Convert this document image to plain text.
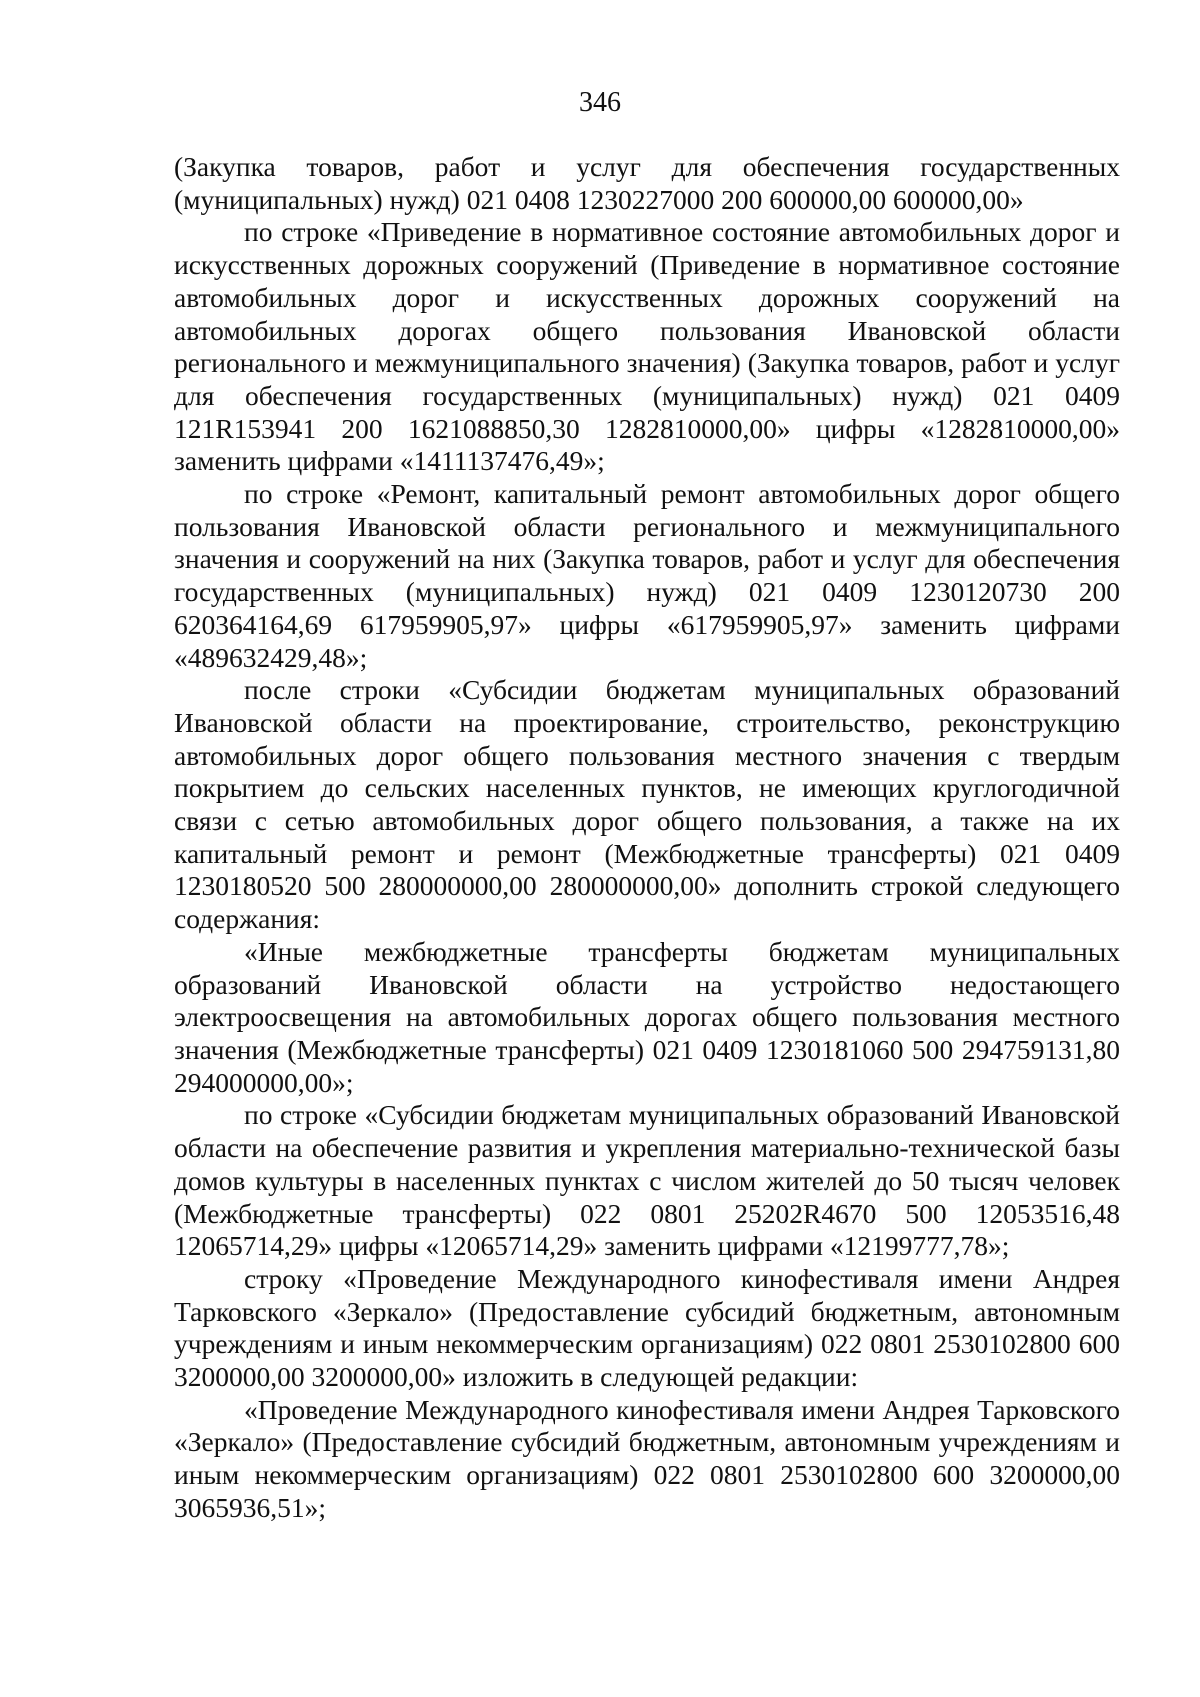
346

(Закупка товаров, работ и услуг для обеспечения государственных (муниципальных) нужд) 021 0408 1230227000 200 600000,00 600000,00»

по строке «Приведение в нормативное состояние автомобильных дорог и искусственных дорожных сооружений (Приведение в нормативное состояние автомобильных дорог и искусственных дорожных сооружений на автомобильных дорогах общего пользования Ивановской области регионального и межмуниципального значения) (Закупка товаров, работ и услуг для обеспечения государственных (муниципальных) нужд) 021 0409 121R153941 200 1621088850,30 1282810000,00» цифры «1282810000,00» заменить цифрами «1411137476,49»;

по строке «Ремонт, капитальный ремонт автомобильных дорог общего пользования Ивановской области регионального и межмуниципального значения и сооружений на них (Закупка товаров, работ и услуг для обеспечения государственных (муниципальных) нужд) 021 0409 1230120730 200 620364164,69 617959905,97» цифры «617959905,97» заменить цифрами «489632429,48»;

после строки «Субсидии бюджетам муниципальных образований Ивановской области на проектирование, строительство, реконструкцию автомобильных дорог общего пользования местного значения с твердым покрытием до сельских населенных пунктов, не имеющих круглогодичной связи с сетью автомобильных дорог общего пользования, а также на их капитальный ремонт и ремонт (Межбюджетные трансферты) 021 0409 1230180520 500 280000000,00 280000000,00» дополнить строкой следующего содержания:

«Иные межбюджетные трансферты бюджетам муниципальных образований Ивановской области на устройство недостающего электроосвещения на автомобильных дорогах общего пользования местного значения (Межбюджетные трансферты) 021 0409 1230181060 500 294759131,80 294000000,00»;

по строке «Субсидии бюджетам муниципальных образований Ивановской области на обеспечение развития и укрепления материально-технической базы домов культуры в населенных пунктах с числом жителей до 50 тысяч человек (Межбюджетные трансферты) 022 0801 25202R4670 500 12053516,48 12065714,29» цифры «12065714,29» заменить цифрами «12199777,78»;

строку «Проведение Международного кинофестиваля имени Андрея Тарковского «Зеркало» (Предоставление субсидий бюджетным, автономным учреждениям и иным некоммерческим организациям) 022 0801 2530102800 600 3200000,00 3200000,00» изложить в следующей редакции:

«Проведение Международного кинофестиваля имени Андрея Тарковского «Зеркало» (Предоставление субсидий бюджетным, автономным учреждениям и иным некоммерческим организациям) 022 0801 2530102800 600 3200000,00 3065936,51»;
